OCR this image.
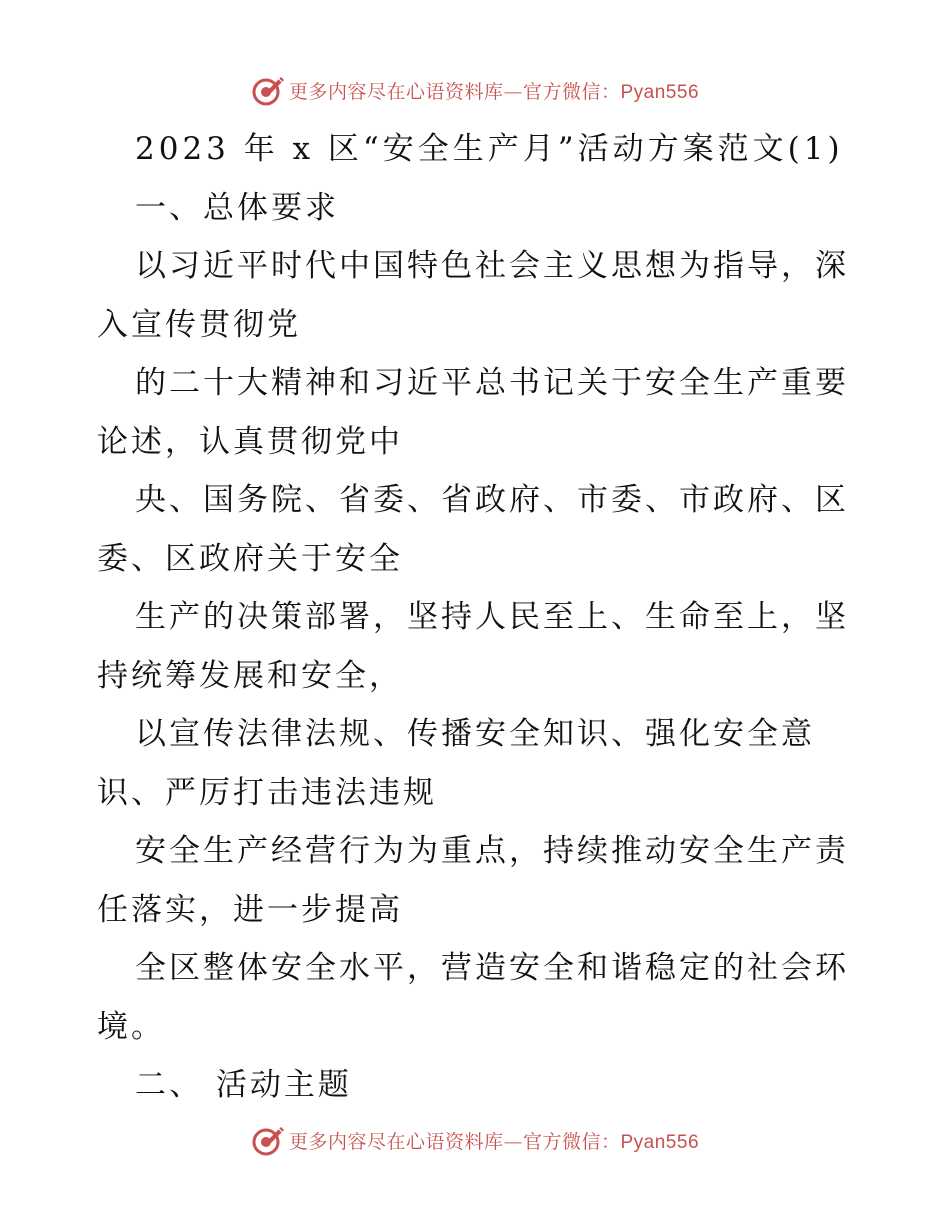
更多内容尽在心语资料库—官方微信：Pyan556
2023 年 x 区“安全生产月”活动方案范文(1)
一、总体要求
以习近平时代中国特色社会主义思想为指导，深
入宣传贯彻党
的二十大精神和习近平总书记关于安全生产重要
论述，认真贯彻党中
央、国务院、省委、省政府、市委、市政府、区
委、区政府关于安全
生产的决策部署，坚持人民至上、生命至上，坚
持统筹发展和安全，
以宣传法律法规、传播安全知识、强化安全意
识、严厉打击违法违规
安全生产经营行为为重点，持续推动安全生产责
任落实，进一步提高
全区整体安全水平，营造安全和谐稳定的社会环
境。
二、 活动主题
更多内容尽在心语资料库—官方微信：Pyan556
